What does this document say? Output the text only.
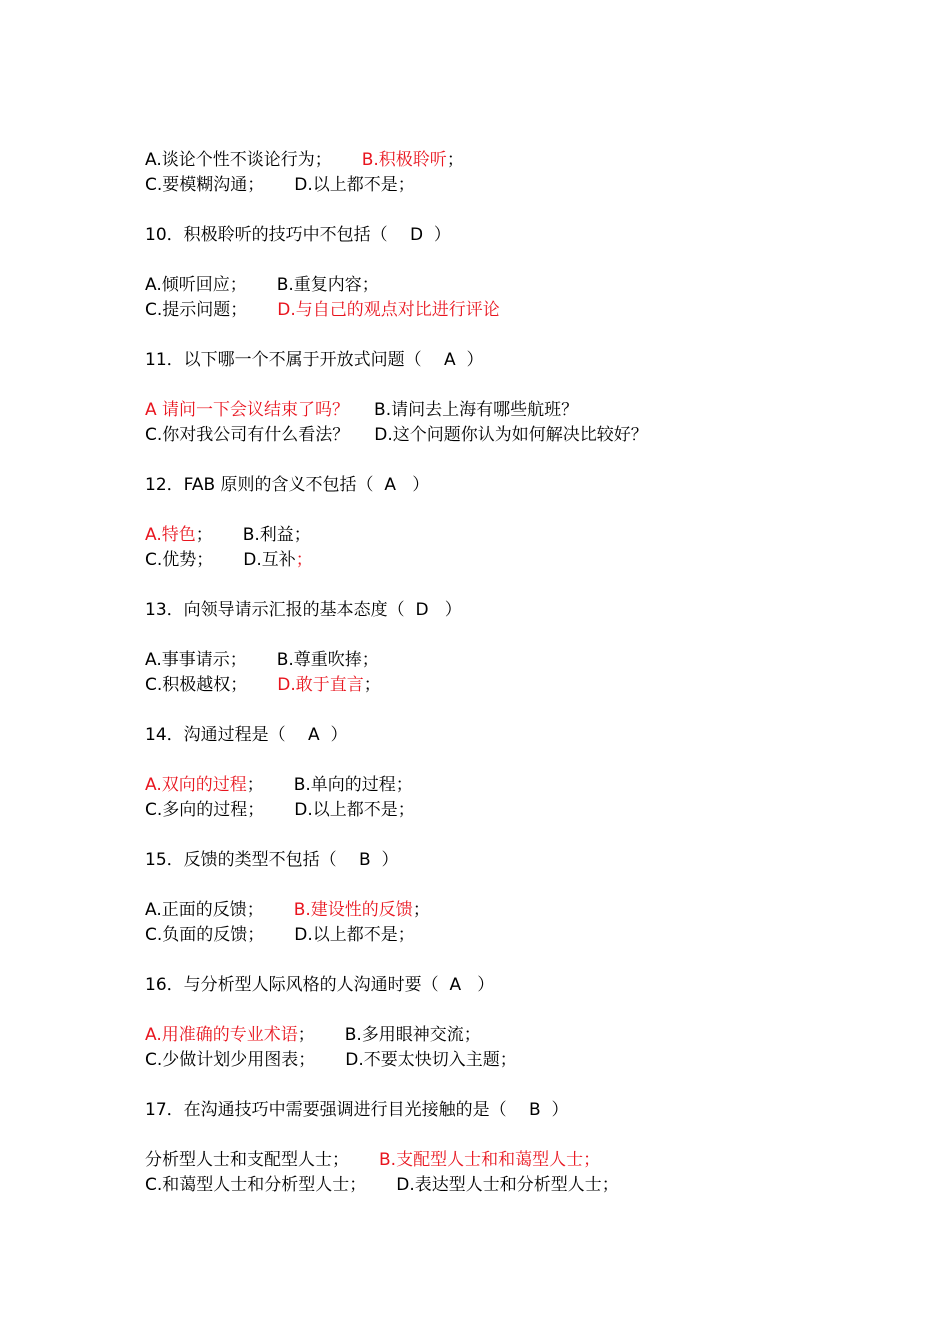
A.谈论个性不谈论行为； B.积极聆听；
C.要模糊沟通； D.以上都不是；
10．积极聆听的技巧中不包括（　 D  ）
A.倾听回应； B.重复内容；
C.提示问题； D.与自己的观点对比进行评论
11．以下哪一个不属于开放式问题（　 A  ）
A 请问一下会议结束了吗？ B.请问去上海有哪些航班？
C.你对我公司有什么看法？ D.这个问题你认为如何解决比较好？
12．FAB 原则的含义不包括（  A   ）
A.特色； B.利益；
C.优势； D.互补；
13．向领导请示汇报的基本态度（  D   ）
A.事事请示； B.尊重吹捧；
C.积极越权； D.敢于直言；
14．沟通过程是（　 A  ）
A.双向的过程； B.单向的过程；
C.多向的过程； D.以上都不是；
15．反馈的类型不包括（　 B  ）
A.正面的反馈； B.建设性的反馈；
C.负面的反馈； D.以上都不是；
16．与分析型人际风格的人沟通时要（  A   ）
A.用准确的专业术语； B.多用眼神交流；
C.少做计划少用图表； D.不要太快切入主题；
17．在沟通技巧中需要强调进行目光接触的是（　 B  ）
分析型人士和支配型人士； B.支配型人士和和蔼型人士；
C.和蔼型人士和分析型人士； D.表达型人士和分析型人士；
